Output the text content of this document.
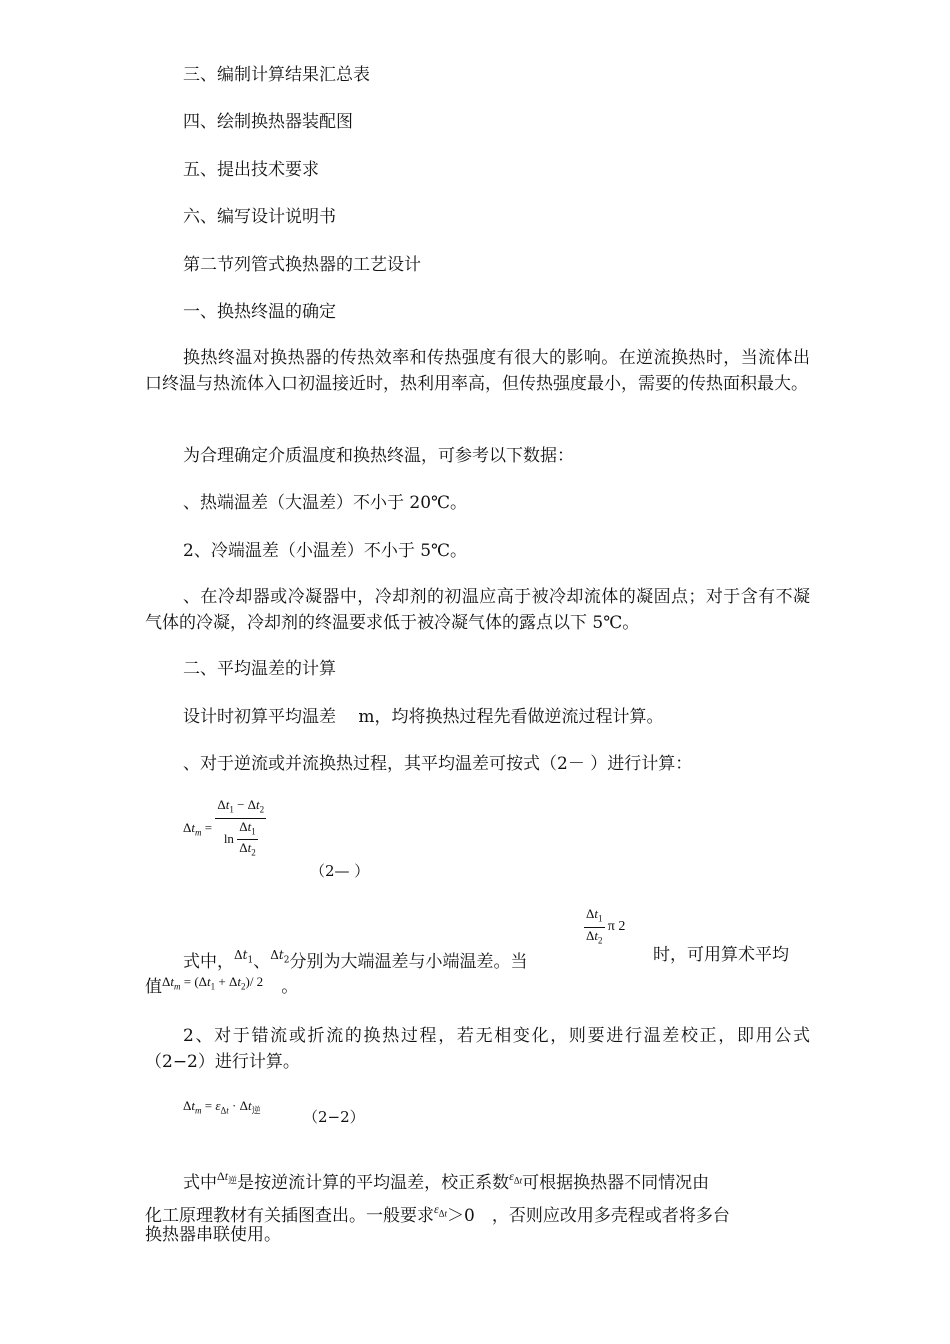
三、编制计算结果汇总表
四、绘制换热器装配图
五、提出技术要求
六、编写设计说明书
第二节列管式换热器的工艺设计
一、换热终温的确定
换热终温对换热器的传热效率和传热强度有很大的影响。在逆流换热时，当流体出口终温与热流体入口初温接近时，热利用率高，但传热强度最小，需要的传热面积最大。
为合理确定介质温度和换热终温，可参考以下数据：
、热端温差（大温差）不小于 20℃。
2、冷端温差（小温差）不小于 5℃。
、在冷却器或冷凝器中，冷却剂的初温应高于被冷却流体的凝固点；对于含有不凝气体的冷凝，冷却剂的终温要求低于被冷凝气体的露点以下 5℃。
二、平均温差的计算
设计时初算平均温差　 m，均将换热过程先看做逆流过程计算。
、对于逆流或并流换热过程，其平均温差可按式（2－ ）进行计算：
$\Delta t_m = \frac{\Delta t_1 - \Delta t_2}{\ln \frac{\Delta t_1}{\Delta t_2}}$
（2— ）
$\frac{\Delta t_1}{\Delta t_2}$ π 2
式中，$^{\Delta t_1}$、$^{\Delta t_2}$分别为大端温差与小端温差。当	时，可用算术平均
值$^{\Delta t_m = (\Delta t_1 + \Delta t_2)/ 2}$ 。
2、对于错流或折流的换热过程，若无相变化，则要进行温差校正，即用公式（2−2）进行计算。
$\Delta t_m = \varepsilon_{\Delta t} \cdot \Delta t_逆$	（2−2）
式中$^{\Delta t_逆}$是按逆流计算的平均温差，校正系数$^{\varepsilon_{\Delta t}}$可根据换热器不同情况由
化工原理教材有关插图查出。一般要求$^{\varepsilon_{\Delta t}}$＞0　，否则应改用多壳程或者将多台
换热器串联使用。
